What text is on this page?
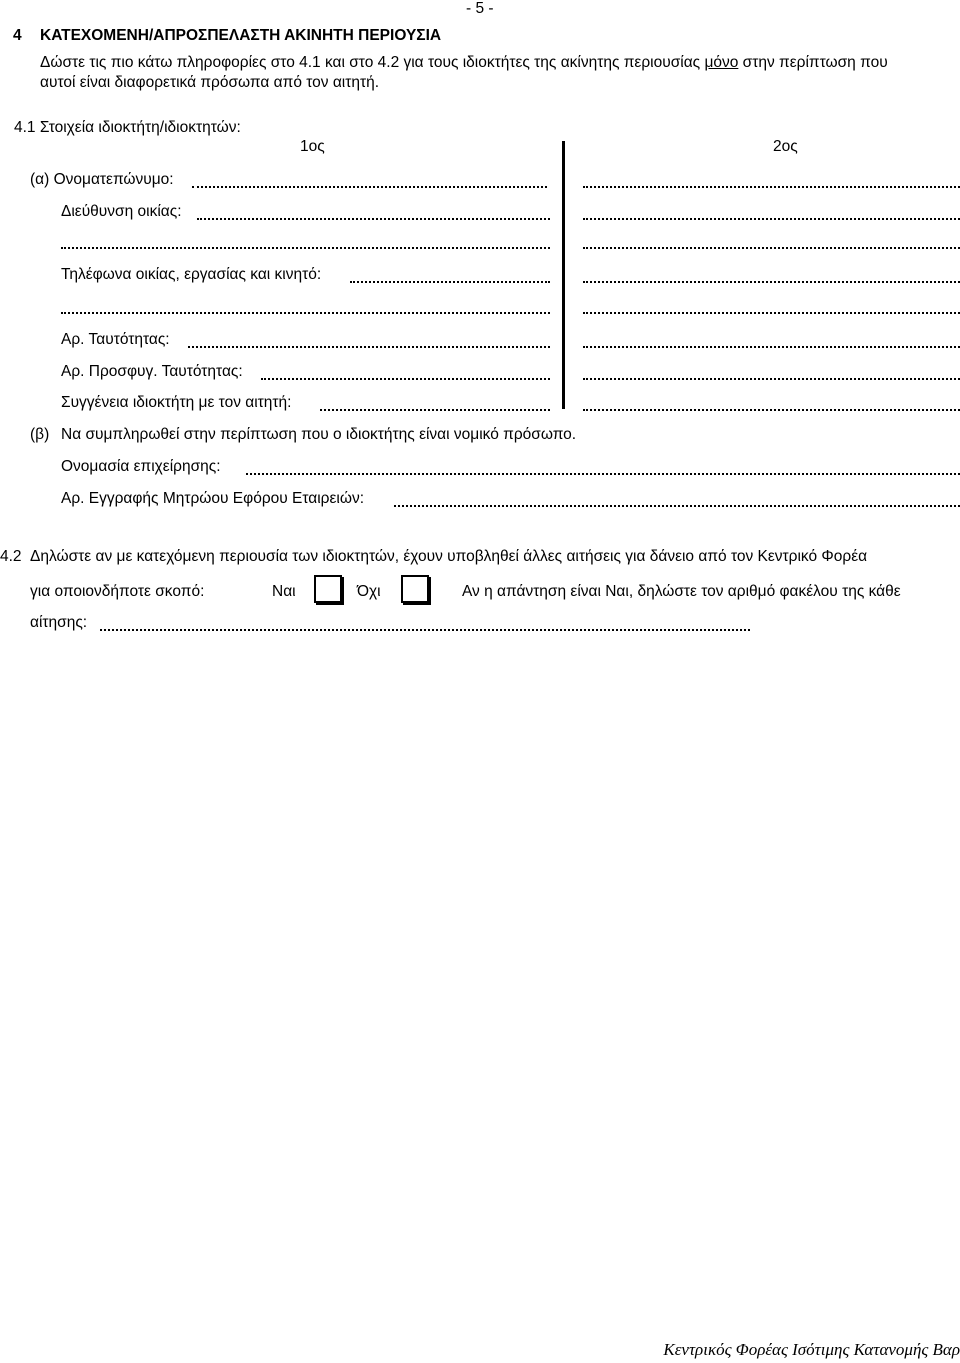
- 5 -
4 ΚΑΤΕΧΟΜΕΝΗ/ΑΠΡΟΣΠΕΛΑΣΤΗ ΑΚΙΝΗΤΗ ΠΕΡΙΟΥΣΙΑ
Δώστε τις πιο κάτω πληροφορίες στο 4.1 και στο 4.2 για τους ιδιοκτήτες της ακίνητης περιουσίας μόνο στην περίπτωση που
αυτοί είναι διαφορετικά πρόσωπα από τον αιτητή.
4.1 Στοιχεία ιδιοκτήτη/ιδιοκτητών:
1ος	2ος
(α) Ονοματεπώνυμο:
Διεύθυνση οικίας:
Τηλέφωνα οικίας, εργασίας και κινητό:
Αρ. Ταυτότητας:
Αρ. Προσφυγ. Ταυτότητας:
Συγγένεια ιδιοκτήτη με τον αιτητή:
(β) Να συμπληρωθεί στην περίπτωση που ο ιδιοκτήτης είναι νομικό πρόσωπο.
Ονομασία επιχείρησης:
Αρ. Εγγραφής Μητρώου Εφόρου Εταιρειών:
4.2 Δηλώστε αν με κατεχόμενη περιουσία των ιδιοκτητών, έχουν υποβληθεί άλλες αιτήσεις για δάνειο από τον Κεντρικό Φορέα
για οποιονδήποτε σκοπό:	Ναι	Όχι	Αν η απάντηση είναι Ναι, δηλώστε τον αριθμό φακέλου της κάθε
αίτησης:
Κεντρικός Φορέας Ισότιμης Κατανομής Βαρ
